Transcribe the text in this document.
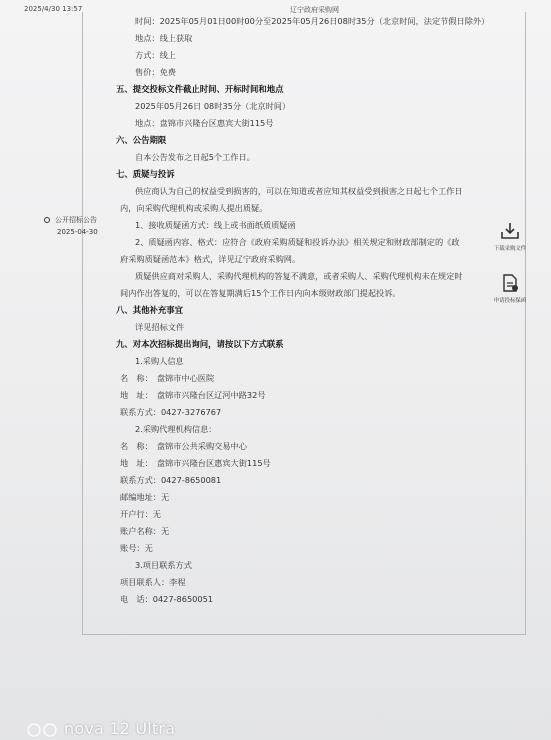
2025/4/30 13:57	辽宁政府采购网
时间：2025年05月01日00时00分至2025年05月26日08时35分（北京时间，法定节假日除外）
地点：线上获取
方式：线上
售价：免费
五、提交投标文件截止时间、开标时间和地点
2025年05月26日 08时35分（北京时间）
地点：盘锦市兴隆台区惠宾大街115号
六、公告期限
自本公告发布之日起5个工作日。
七、质疑与投诉
供应商认为自己的权益受到损害的，可以在知道或者应知其权益受到损害之日起七个工作日
内，向采购代理机构或采购人提出质疑。
1、接收质疑函方式：线上或书面纸质质疑函
2、质疑函内容、格式：应符合《政府采购质疑和投诉办法》相关规定和财政部制定的《政
府采购质疑函范本》格式，详见辽宁政府采购网。
质疑供应商对采购人、采购代理机构的答复不满意，或者采购人、采购代理机构未在规定时
间内作出答复的，可以在答复期满后15个工作日内向本级财政部门提起投诉。
八、其他补充事宜
详见招标文件
九、对本次招标提出询问，请按以下方式联系
1.采购人信息
名　称：　盘锦市中心医院
地　址：　盘锦市兴隆台区辽河中路32号
联系方式：0427-3276767
2.采购代理机构信息：
名　称：　盘锦市公共采购交易中心
地　址：　盘锦市兴隆台区惠宾大街115号
联系方式：0427-8650081
邮编地址：无
开户行：无
账户名称：无
账号：无
3.项目联系方式
项目联系人：李程
电　话：0427-8650051
公开招标公告
2025-04-30
下载采购文件
申请投标保函
nova 12 Ultra
